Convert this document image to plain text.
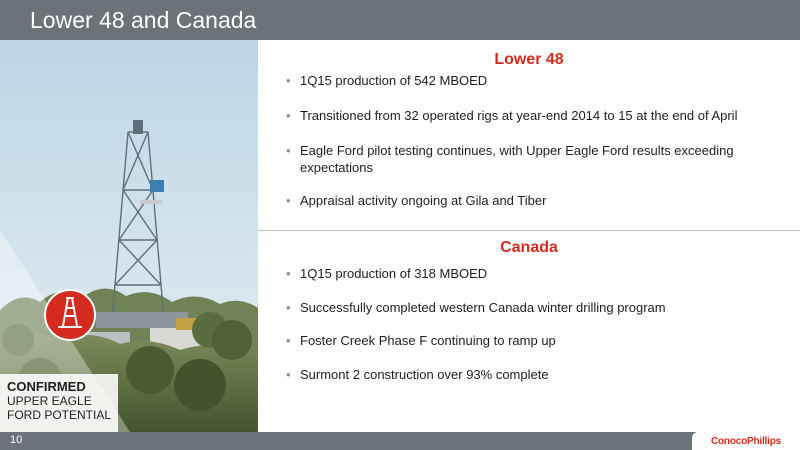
Lower 48 and Canada
CONFIRMED
UPPER EAGLE
FORD POTENTIAL
Lower 48
• 1Q15 production of 542 MBOED
• Transitioned from 32 operated rigs at year-end 2014 to 15 at the end of April
• Eagle Ford pilot testing continues, with Upper Eagle Ford results exceeding expectations
• Appraisal activity ongoing at Gila and Tiber
Canada
• 1Q15 production of 318 MBOED
• Successfully completed western Canada winter drilling program
• Foster Creek Phase F continuing to ramp up
• Surmont 2 construction over 93% complete
10	ConocoPhillips
